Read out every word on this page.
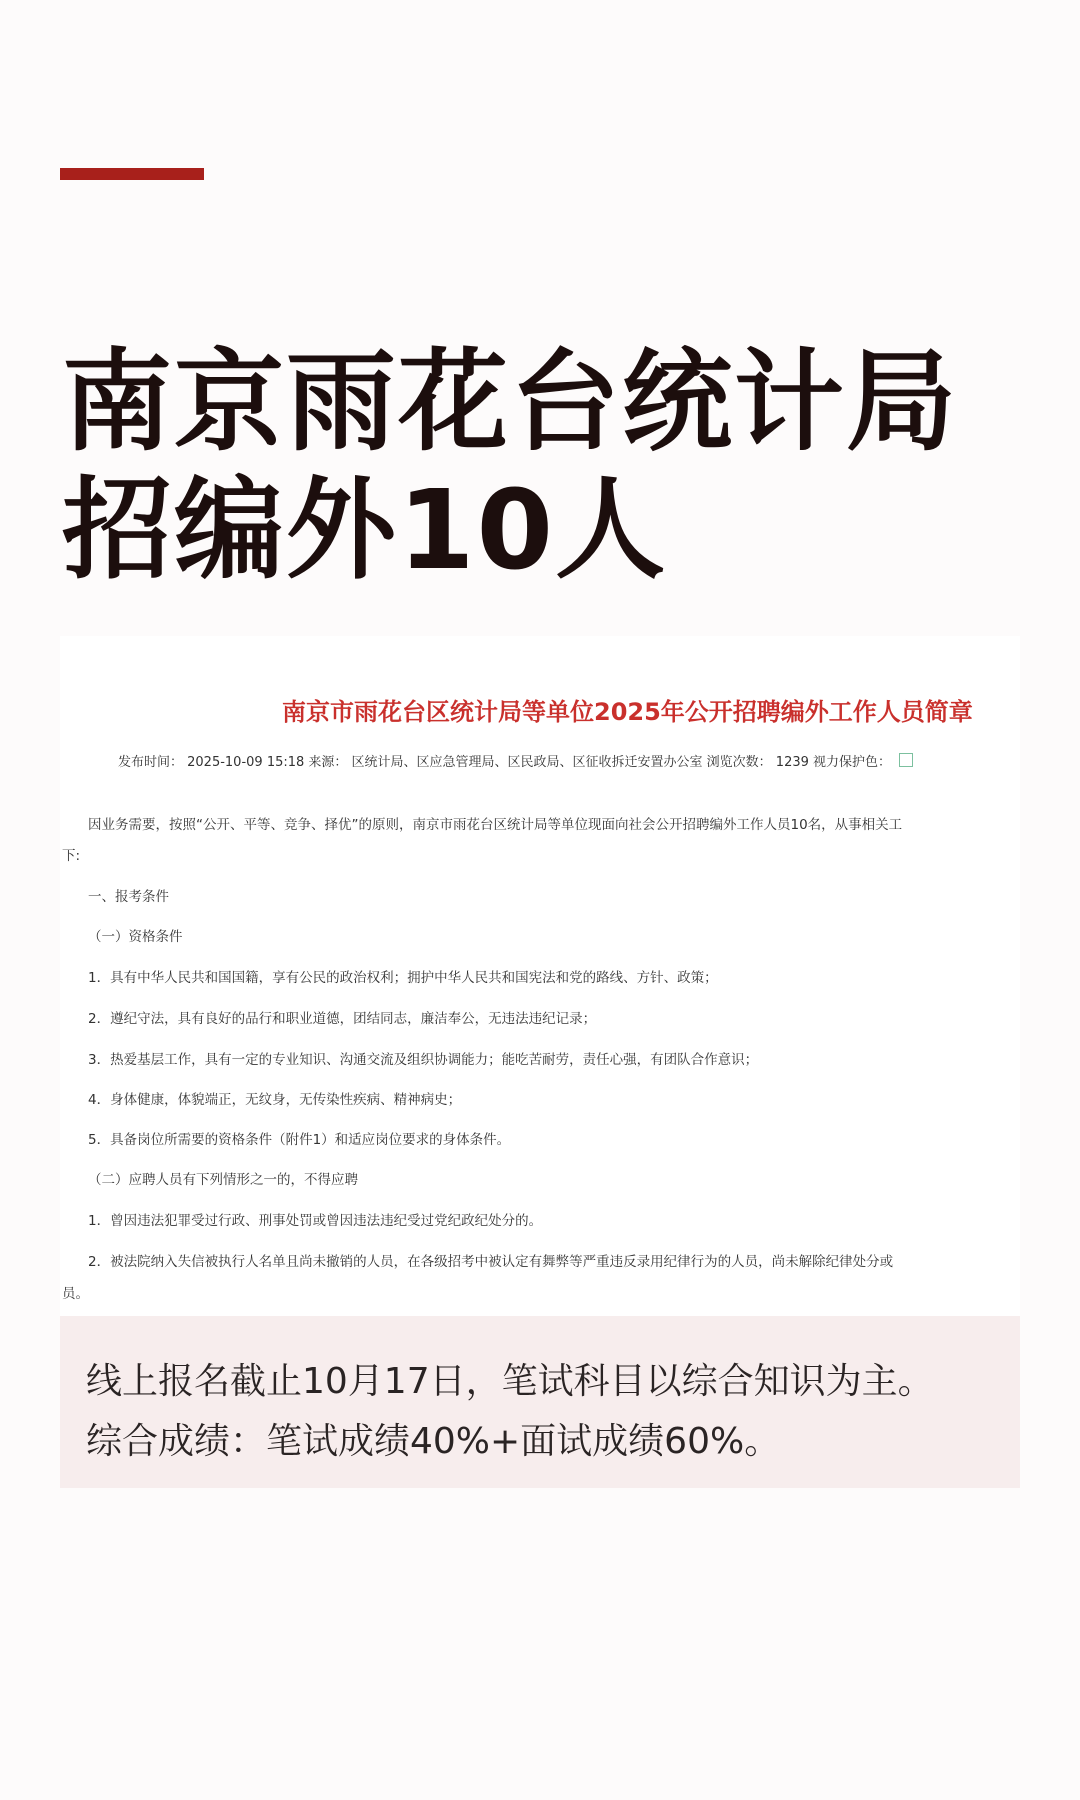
南京雨花台统计局
招编外10人
南京市雨花台区统计局等单位2025年公开招聘编外工作人员简章
发布时间： 2025-10-09 15:18 来源： 区统计局、区应急管理局、区民政局、区征收拆迁安置办公室 浏览次数： 1239 视力保护色：
因业务需要，按照“公开、平等、竞争、择优”的原则，南京市雨花台区统计局等单位现面向社会公开招聘编外工作人员10名，从事相关工
下:
一、报考条件
（一）资格条件
1．具有中华人民共和国国籍，享有公民的政治权利；拥护中华人民共和国宪法和党的路线、方针、政策；
2．遵纪守法，具有良好的品行和职业道德，团结同志，廉洁奉公，无违法违纪记录；
3．热爱基层工作，具有一定的专业知识、沟通交流及组织协调能力；能吃苦耐劳，责任心强，有团队合作意识；
4．身体健康，体貌端正，无纹身，无传染性疾病、精神病史；
5．具备岗位所需要的资格条件（附件1）和适应岗位要求的身体条件。
（二）应聘人员有下列情形之一的，不得应聘
1．曾因违法犯罪受过行政、刑事处罚或曾因违法违纪受过党纪政纪处分的。
2．被法院纳入失信被执行人名单且尚未撤销的人员，在各级招考中被认定有舞弊等严重违反录用纪律行为的人员，尚未解除纪律处分或
员。
线上报名截止10月17日，笔试科目以综合知识为主。
综合成绩：笔试成绩40%+面试成绩60%。
